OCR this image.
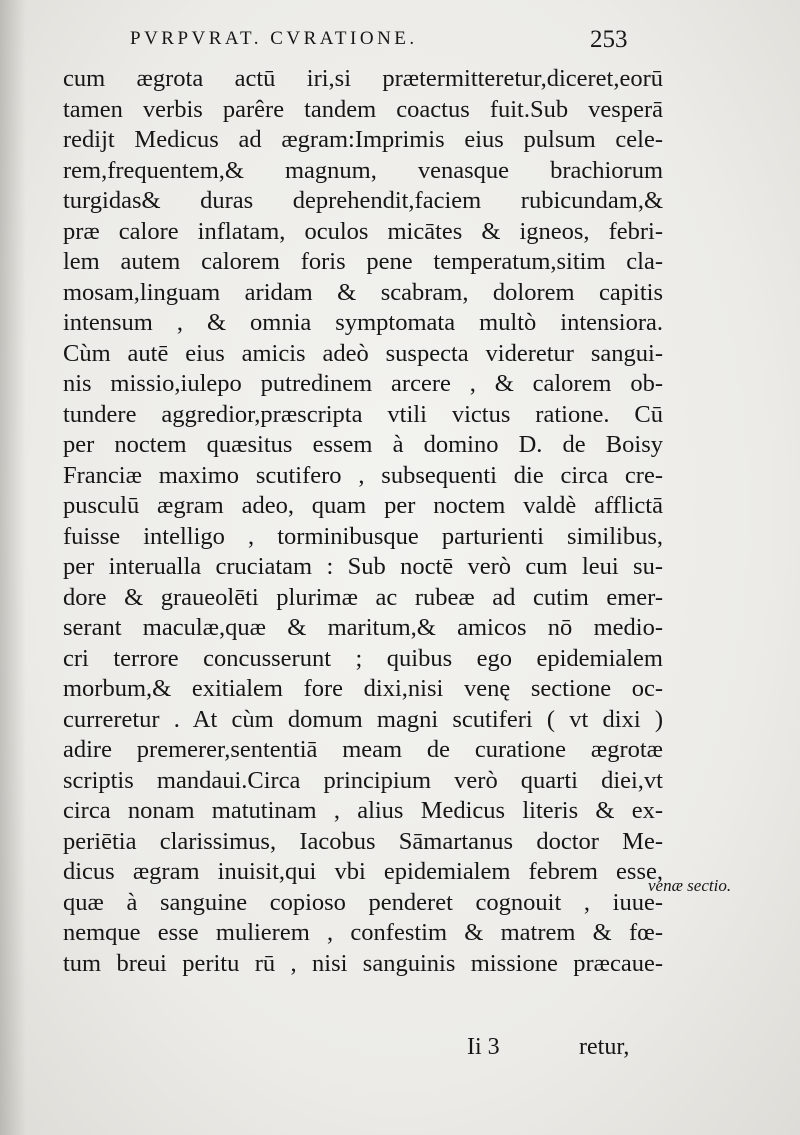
PVRPVRAT. CVRATIONE.	253
cum ægrota actū iri,si prætermitteretur,diceret,eorū
tamen verbis parêre tandem coactus fuit.Sub vesperā
rediјt Medicus ad ægram:Imprimis eius pulsum cele-
rem,frequentem,& magnum, venasque brachiorum
turgidas& duras deprehendit,faciem rubicundam,&
præ calore inflatam, oculos micātes & igneos, febri-
lem autem calorem foris pene temperatum,sitim cla-
mosam,linguam aridam & scabram, dolorem capitis
intensum , & omnia symptomata multò intensiora.
Cùm autē eius amicis adeò suspecta videretur sangui-
nis missio,iulepo putredinem arcere , & calorem ob-
tundere aggredior,præscripta vtili victus ratione. Cū
per noctem quæsitus essem à domino D. de Boisy
Franciæ maximo scutifero , subsequenti die circa cre-
pusculū ægram adeo, quam per noctem valdè afflictā
fuisse intelligo , torminibusque parturienti similibus,
per interualla cruciatam : Sub noctē verò cum leui su-
dore & graueolēti plurimæ ac rubeæ ad cutim emer-
serant maculæ,quæ & maritum,& amicos nō medio-
cri terrore concusserunt ; quibus ego epidemialem
morbum,& exitialem fore dixi,nisi venę sectione oc-
curreretur . At cùm domum magni scutiferi ( vt dixi )
adire premerer,sententiā meam de curatione ægrotæ
scriptis mandaui.Circa principium verò quarti diei,vt
circa nonam matutinam , alius Medicus literis & ex-
periētia clarissimus, Iacobus Sāmartanus doctor Me-
dicus ægram inuisit,qui vbi epidemialem febrem esse,
quæ à sanguine copioso penderet cognouit , iuue-
nemque esse mulierem , confestim & matrem & fœ-
tum breui peritu rū , nisi sanguinis missione præcaue-
venæ sectio.
Ii 3	retur,
